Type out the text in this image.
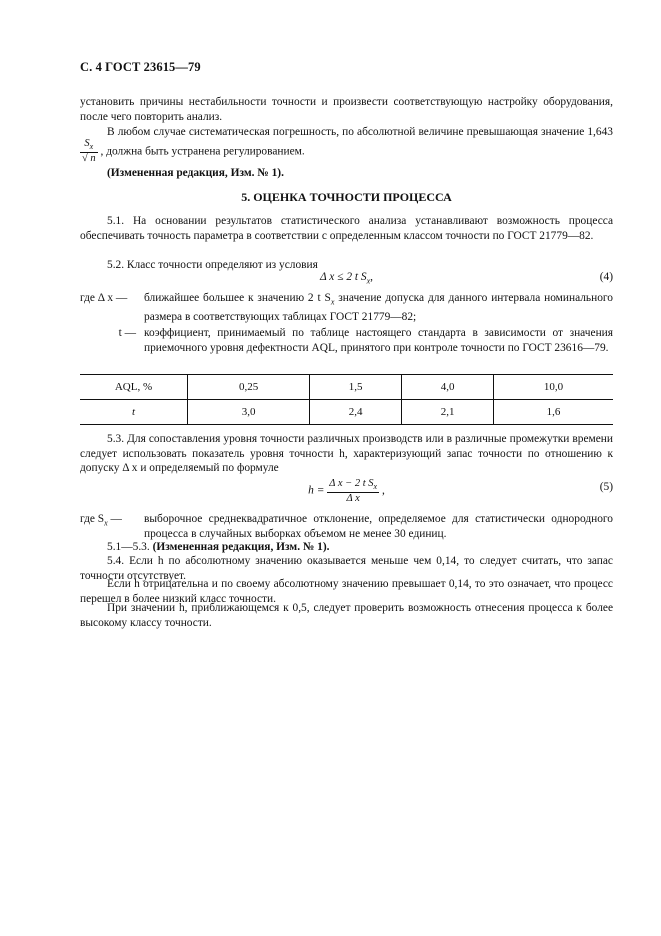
С. 4 ГОСТ 23615—79

установить причины нестабильности точности и произвести соответствующую настройку оборудования, после чего повторить анализ.

В любом случае систематическая погрешность, по абсолютной величине превышающая значение 1,643
$\frac{S_x}{√ n}$ , должна быть устранена регулированием.

(Измененная редакция, Изм. № 1).

5. ОЦЕНКА ТОЧНОСТИ ПРОЦЕССА

5.1. На основании результатов статистического анализа устанавливают возможность процесса обеспечивать точность параметра в соответствии с определенным классом точности по ГОСТ 21779—82.

5.2. Класс точности определяют из условия

Δ x ≤ 2 t $S_x$,	(4)
где Δ x —	ближайшее большее к значению 2 t $S_x$ значение допуска для данного интервала номинального размера в соответствующих таблицах ГОСТ 21779—82;
t — коэффициент, принимаемый по таблице настоящего стандарта в зависимости от значения приемочного уровня дефектности AQL, принятого при контроле точности по ГОСТ 23616—79.
AQL, %	0,25	1,5	4,0	10,0
t	3,0	2,4	2,1	1,6

5.3. Для сопоставления уровня точности различных производств или в различные промежутки времени следует использовать показатель уровня точности h, характеризующий запас точности по отношению к допуску Δ x и определяемый по формуле

$h = \frac{\Delta x - 2 t S_x}{\text{Δ x}}$ ,	(5)
где $S_x$ —	выборочное среднеквадратичное отклонение, определяемое для статистически однородного процесса в случайных выборках объемом не менее 30 единиц.
5.1—5.3. (Измененная редакция, Изм. № 1).

5.4. Если h по абсолютному значению оказывается меньше чем 0,14, то следует считать, что запас точности отсутствует.

Если h отрицательна и по своему абсолютному значению превышает 0,14, то это означает, что процесс перешел в более низкий класс точности.

При значении h, приближающемся к 0,5, следует проверить возможность отнесения процесса к более высокому классу точности.
